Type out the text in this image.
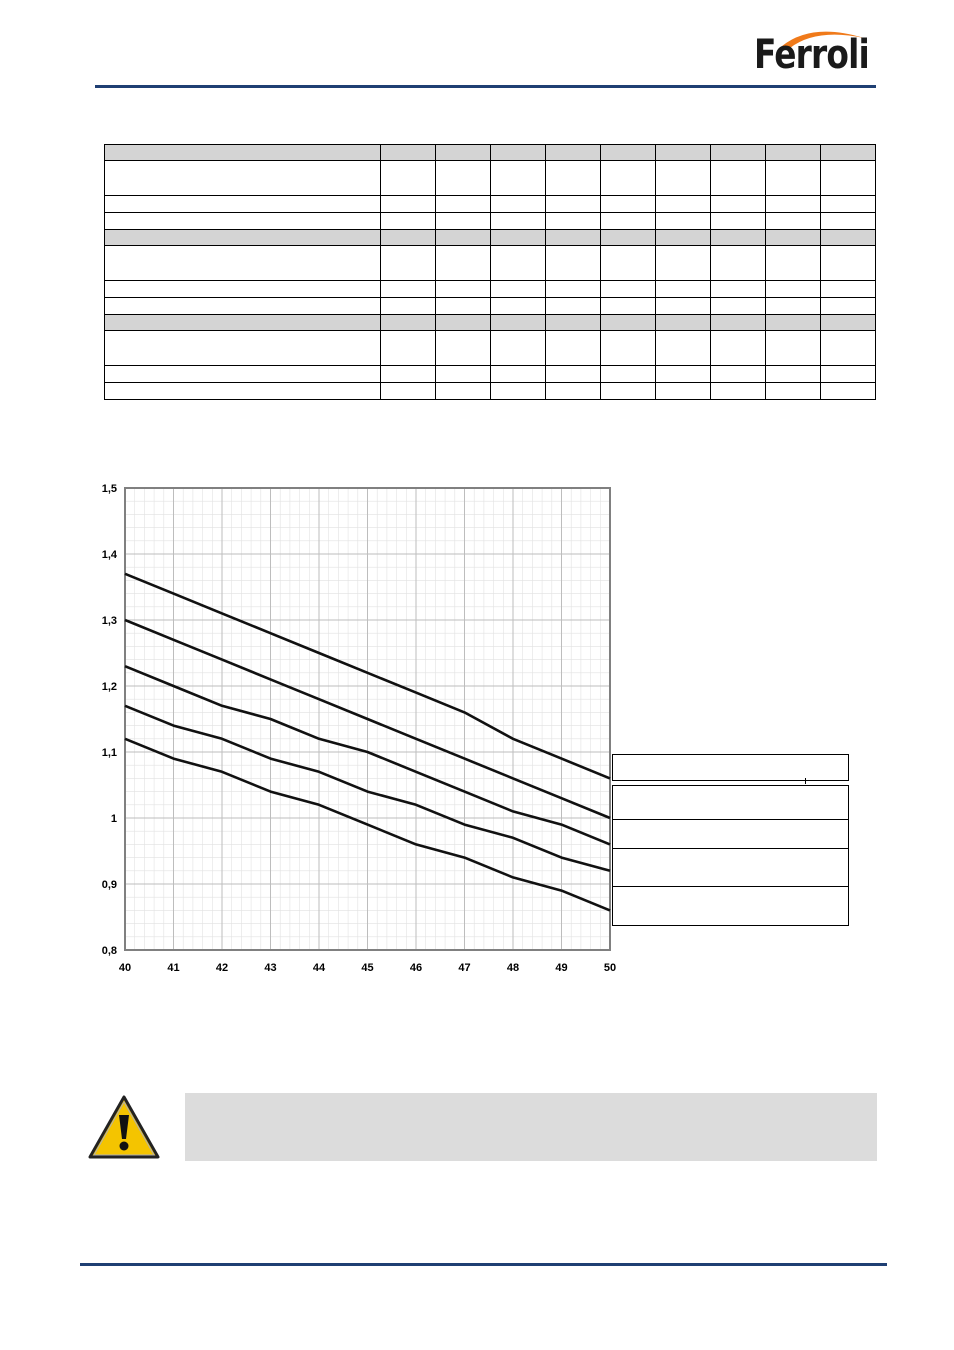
Ferroli

1,5
1,4
1,3
1,2
1,1
1
0,9
0,8
40	41	42	43	44	45	46	47	48	49	50
